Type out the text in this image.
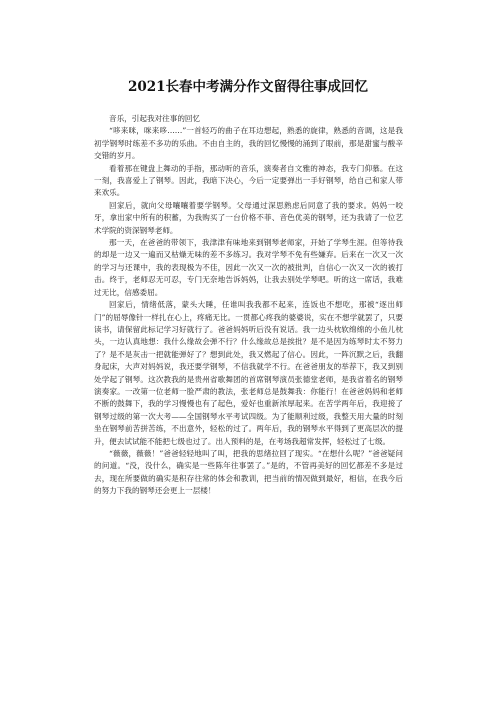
2021长春中考满分作文留得往事成回忆

音乐，引起我对往事的回忆

“哆来咪，咪来哆……”一首轻巧的曲子在耳边想起，熟悉的旋律，熟悉的音调，这是我初学钢琴时练差不多功的乐曲。不由自主的，我的回忆慢慢的涌到了眼前，那是甜蜜与酸辛交错的岁月。

看着那在键盘上舞动的手指，那动听的音乐，演奏者自文雅的神态，我专门仰慕。在这一刻，我喜爱上了钢琴。因此，我暗下决心，今后一定要弹出一手好钢琴，给自己和家人带来欢乐。

回家后，就向父母嚷嚷着要学钢琴。父母通过深思熟虑后同意了我的要求。妈妈一咬牙，拿出家中所有的积蓄，为我购买了一台价格不菲、音色优美的钢琴，还为我请了一位艺术学院的资深钢琴老师。

那一天，在爸爸的带领下，我津津有味地来到钢琴老师家，开始了学琴生涯。但等待我的却是一边又一遍而又枯燥无味的差不多练习。我对学琴不免有些嫌弃。后来在一次又一次的学习与还课中，我的表现极为不佳，因此一次又一次的被批判，自信心一次又一次的被打击。终于，老师忍无可忍，专门无奈地告诉妈妈，让我去别处学琴吧。听的这一席话，我难过无比，信感委屈。

回家后，情绪低落，蒙头大睡，任谁叫我我都不起来，连饭也不想吃，那被“逐出师门”的屈辱像针一样扎在心上，疼痛无比。一贯都心疼我的婆婆说，实在不想学就罢了，只要读书，请保留此标记学习好就行了。爸爸妈妈听后没有说话。我一边头枕软绵绵的小鱼儿枕头，一边认真地想：我什么缘故会弹不行？什么缘故总是挨批？是不是因为练琴时太不努力了？是不是灰击一把就能弹好了？想到此处，我又燃起了信心。因此，一阵沉默之后，我翻身起床，大声对妈妈说，我还要学钢琴，不信我就学不行。在爸爸朋友的举荐下，我又到别处学起了钢琴。这次教我的是贵州省歌舞团的首席钢琴演员张德堂老师，是我省着名的钢琴演奏家。一改第一位老师一脸严肃的教法，张老师总是鼓舞我：你能行！在爸爸妈妈和老师不断的鼓舞下，我的学习慢慢也有了起色，爱好也重新浓厚起来。在苦学两年后，我迎接了钢琴过级的第一次大考——全国钢琴水平考试四级。为了能顺利过级，我整天用大量的时刻坐在钢琴前苦拼苦练，不出意外，轻松的过了。两年后，我的钢琴水平得到了更高层次的提升，便去试试能不能把七级也过了。出人预料的是，在考场我超常发挥，轻松过了七级。

“薇薇，薇薇！”爸爸轻轻地叫了叫，把我的思绪拉回了现实。“在想什么呢？”爸爸疑问的问道。“没，没什么，确实是一些陈年往事罢了。”是的，不管再美好的回忆都差不多是过去，现在所要做的确实是积存往常的体会和教训，把当前的情况做到最好，相信，在我今后的努力下我的钢琴还会更上一层楼！
